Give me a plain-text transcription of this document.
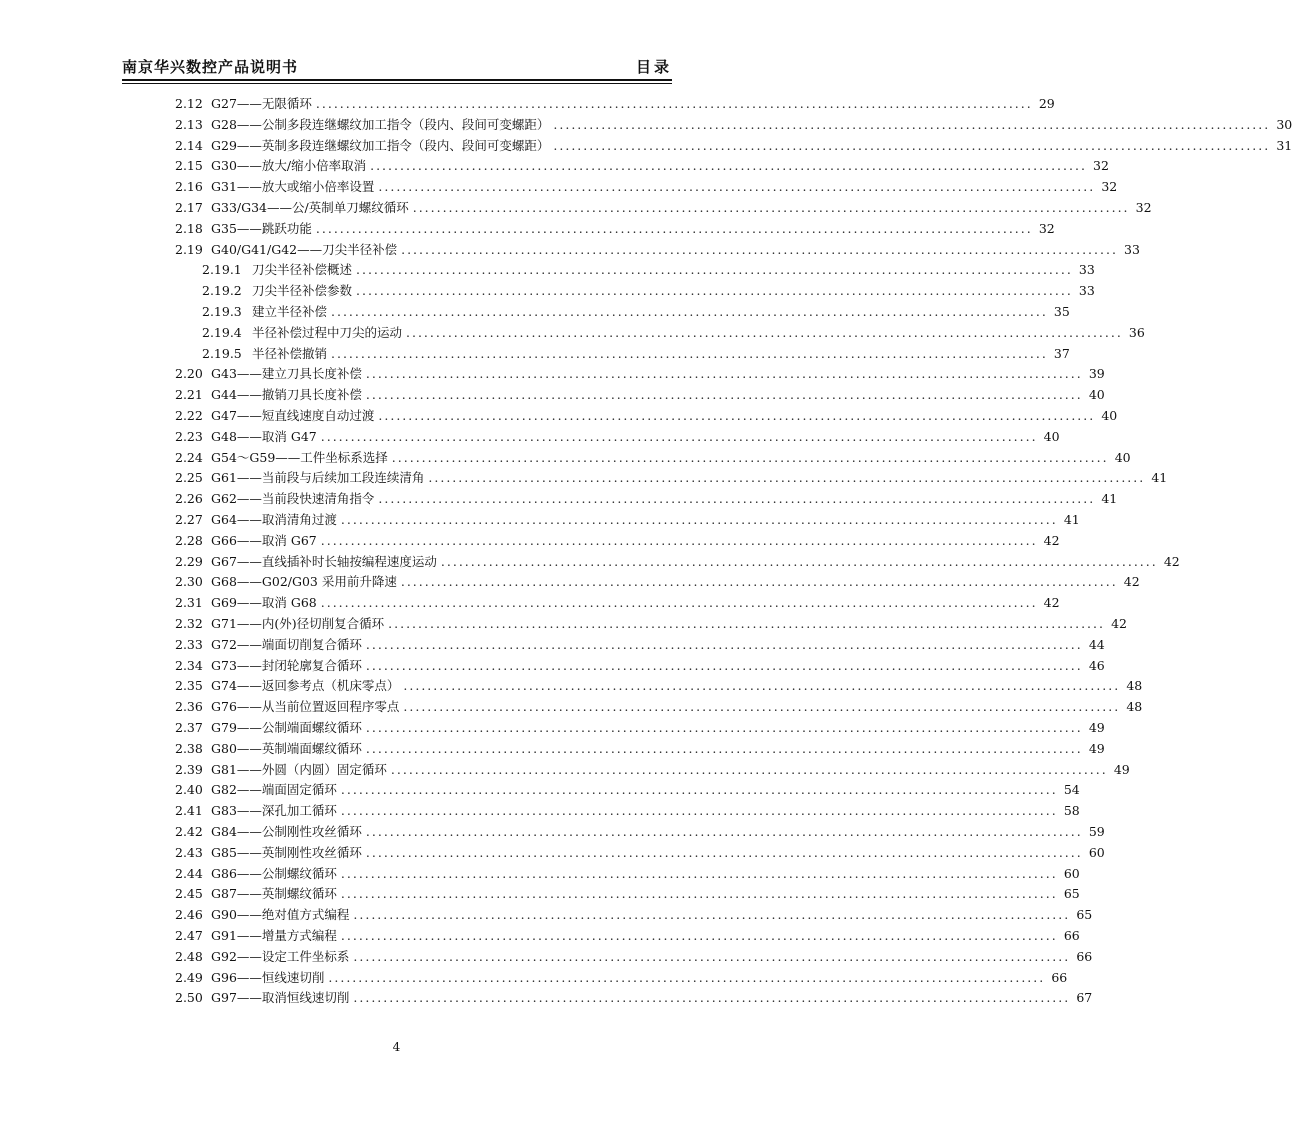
南京华兴数控产品说明书	目录
2.12 G27——无限循环 ........................................................................................................................ 29
2.13 G28——公制多段连继螺纹加工指令（段内、段间可变螺距） ........................................................................................................................ 30
2.14 G29——英制多段连继螺纹加工指令（段内、段间可变螺距） ........................................................................................................................ 31
2.15 G30——放大/缩小倍率取消 ........................................................................................................................ 32
2.16 G31——放大或缩小倍率设置 ........................................................................................................................ 32
2.17 G33/G34——公/英制单刀螺纹循环 ........................................................................................................................ 32
2.18 G35——跳跃功能 ........................................................................................................................ 32
2.19 G40/G41/G42——刀尖半径补偿 ........................................................................................................................ 33
2.19.1 刀尖半径补偿概述 ........................................................................................................................ 33
2.19.2 刀尖半径补偿参数 ........................................................................................................................ 33
2.19.3 建立半径补偿 ........................................................................................................................ 35
2.19.4 半径补偿过程中刀尖的运动 ........................................................................................................................ 36
2.19.5 半径补偿撤销 ........................................................................................................................ 37
2.20 G43——建立刀具长度补偿 ........................................................................................................................ 39
2.21 G44——撤销刀具长度补偿 ........................................................................................................................ 40
2.22 G47——短直线速度自动过渡 ........................................................................................................................ 40
2.23 G48——取消 G47 ........................................................................................................................ 40
2.24 G54～G59——工件坐标系选择 ........................................................................................................................ 40
2.25 G61——当前段与后续加工段连续清角 ........................................................................................................................ 41
2.26 G62——当前段快速清角指令 ........................................................................................................................ 41
2.27 G64——取消清角过渡 ........................................................................................................................ 41
2.28 G66——取消 G67 ........................................................................................................................ 42
2.29 G67——直线插补时长轴按编程速度运动 ........................................................................................................................ 42
2.30 G68——G02/G03 采用前升降速 ........................................................................................................................ 42
2.31 G69——取消 G68 ........................................................................................................................ 42
2.32 G71——内(外)径切削复合循环 ........................................................................................................................ 42
2.33 G72——端面切削复合循环 ........................................................................................................................ 44
2.34 G73——封闭轮廓复合循环 ........................................................................................................................ 46
2.35 G74——返回参考点（机床零点） ........................................................................................................................ 48
2.36 G76——从当前位置返回程序零点 ........................................................................................................................ 48
2.37 G79——公制端面螺纹循环 ........................................................................................................................ 49
2.38 G80——英制端面螺纹循环 ........................................................................................................................ 49
2.39 G81——外圆（内圆）固定循环 ........................................................................................................................ 49
2.40 G82——端面固定循环 ........................................................................................................................ 54
2.41 G83——深孔加工循环 ........................................................................................................................ 58
2.42 G84——公制刚性攻丝循环 ........................................................................................................................ 59
2.43 G85——英制刚性攻丝循环 ........................................................................................................................ 60
2.44 G86——公制螺纹循环 ........................................................................................................................ 60
2.45 G87——英制螺纹循环 ........................................................................................................................ 65
2.46 G90——绝对值方式编程 ........................................................................................................................ 65
2.47 G91——增量方式编程 ........................................................................................................................ 66
2.48 G92——设定工件坐标系 ........................................................................................................................ 66
2.49 G96——恒线速切削 ........................................................................................................................ 66
2.50 G97——取消恒线速切削 ........................................................................................................................ 67
4
